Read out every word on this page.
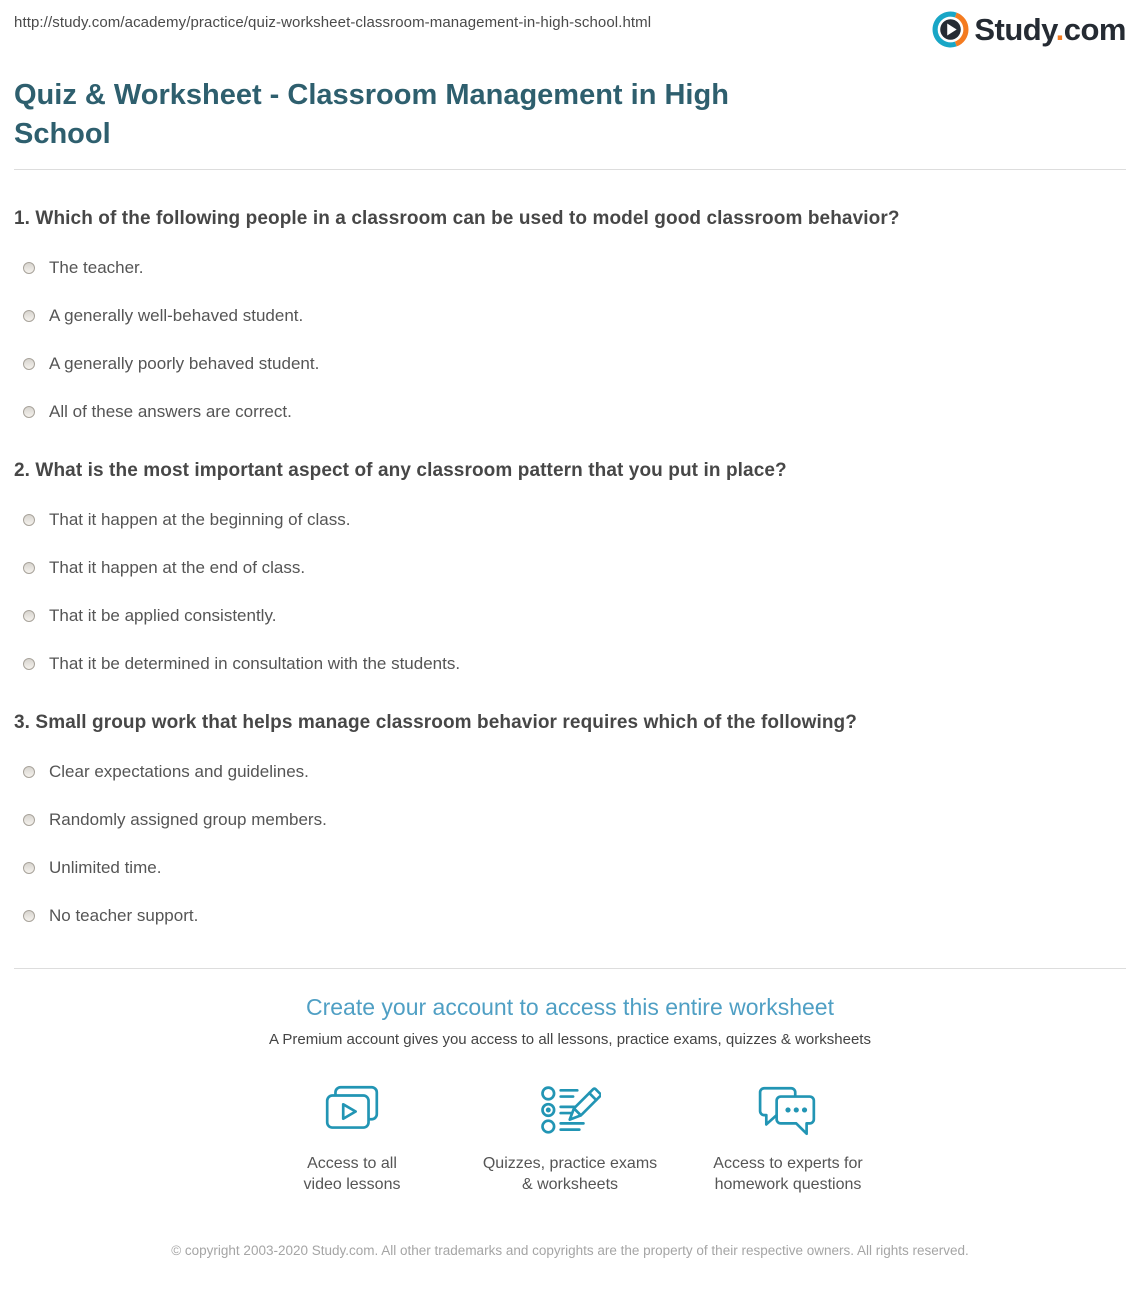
http://study.com/academy/practice/quiz-worksheet-classroom-management-in-high-school.html	Study.com
Quiz & Worksheet - Classroom Management in High School
1. Which of the following people in a classroom can be used to model good classroom behavior?
The teacher.
A generally well-behaved student.
A generally poorly behaved student.
All of these answers are correct.
2. What is the most important aspect of any classroom pattern that you put in place?
That it happen at the beginning of class.
That it happen at the end of class.
That it be applied consistently.
That it be determined in consultation with the students.
3. Small group work that helps manage classroom behavior requires which of the following?
Clear expectations and guidelines.
Randomly assigned group members.
Unlimited time.
No teacher support.
Create your account to access this entire worksheet
A Premium account gives you access to all lessons, practice exams, quizzes & worksheets
Access to all
video lessons
Quizzes, practice exams
& worksheets
Access to experts for
homework questions
© copyright 2003-2020 Study.com. All other trademarks and copyrights are the property of their respective owners. All rights reserved.
